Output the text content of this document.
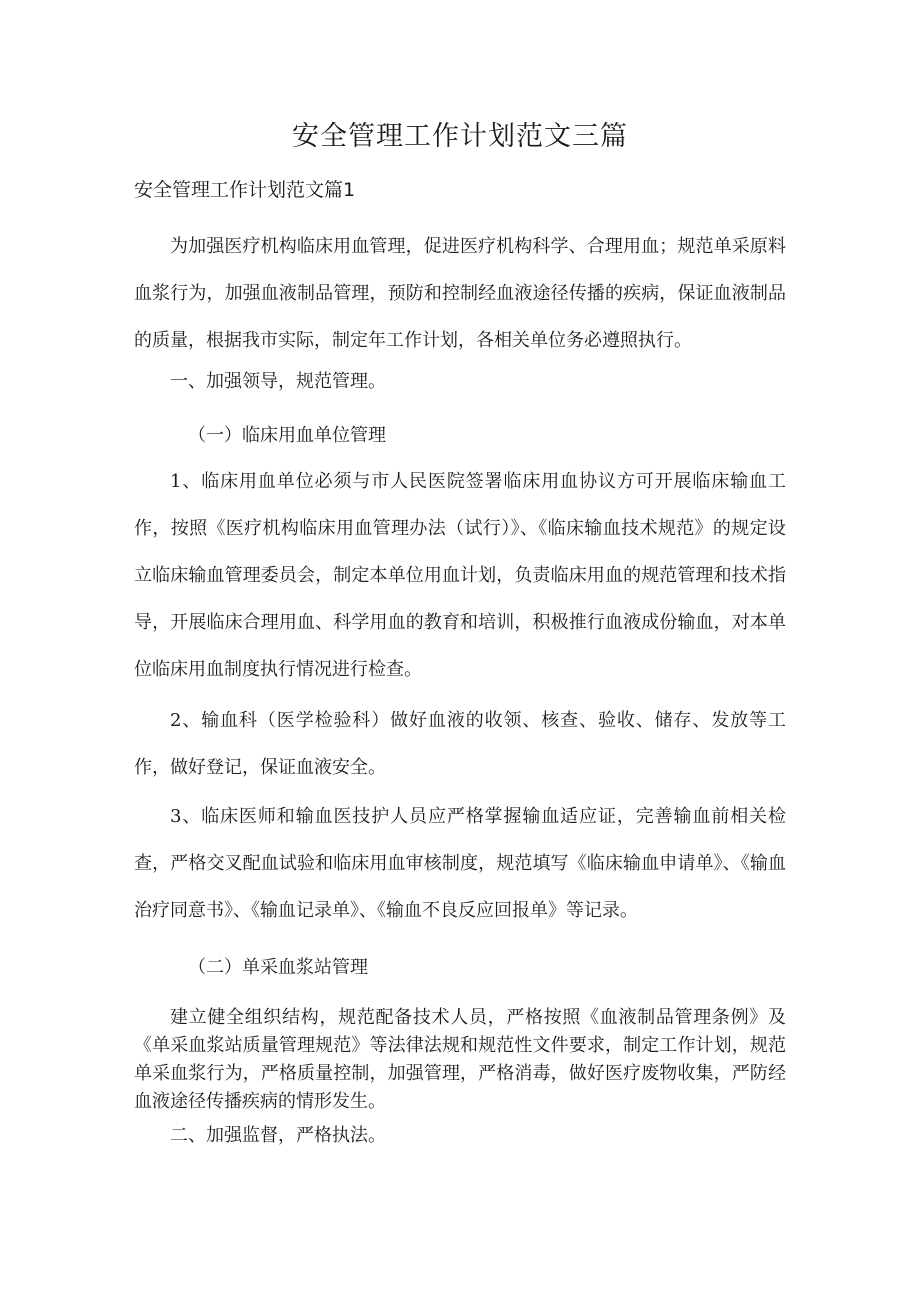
安全管理工作计划范文三篇
安全管理工作计划范文篇1

为加强医疗机构临床用血管理，促进医疗机构科学、合理用血；规范单采原料血浆行为，加强血液制品管理，预防和控制经血液途径传播的疾病，保证血液制品的质量，根据我市实际，制定年工作计划，各相关单位务必遵照执行。

一、加强领导，规范管理。

（一）临床用血单位管理

1、临床用血单位必须与市人民医院签署临床用血协议方可开展临床输血工作，按照《医疗机构临床用血管理办法（试行）》、《临床输血技术规范》的规定设立临床输血管理委员会，制定本单位用血计划，负责临床用血的规范管理和技术指导，开展临床合理用血、科学用血的教育和培训，积极推行血液成份输血，对本单位临床用血制度执行情况进行检查。

2、输血科（医学检验科）做好血液的收领、核查、验收、储存、发放等工作，做好登记，保证血液安全。

3、临床医师和输血医技护人员应严格掌握输血适应证，完善输血前相关检查，严格交叉配血试验和临床用血审核制度，规范填写《临床输血申请单》、《输血治疗同意书》、《输血记录单》、《输血不良反应回报单》等记录。

（二）单采血浆站管理

建立健全组织结构，规范配备技术人员，严格按照《血液制品管理条例》及《单采血浆站质量管理规范》等法律法规和规范性文件要求，制定工作计划，规范单采血浆行为，严格质量控制，加强管理，严格消毒，做好医疗废物收集，严防经血液途径传播疾病的情形发生。

二、加强监督，严格执法。
